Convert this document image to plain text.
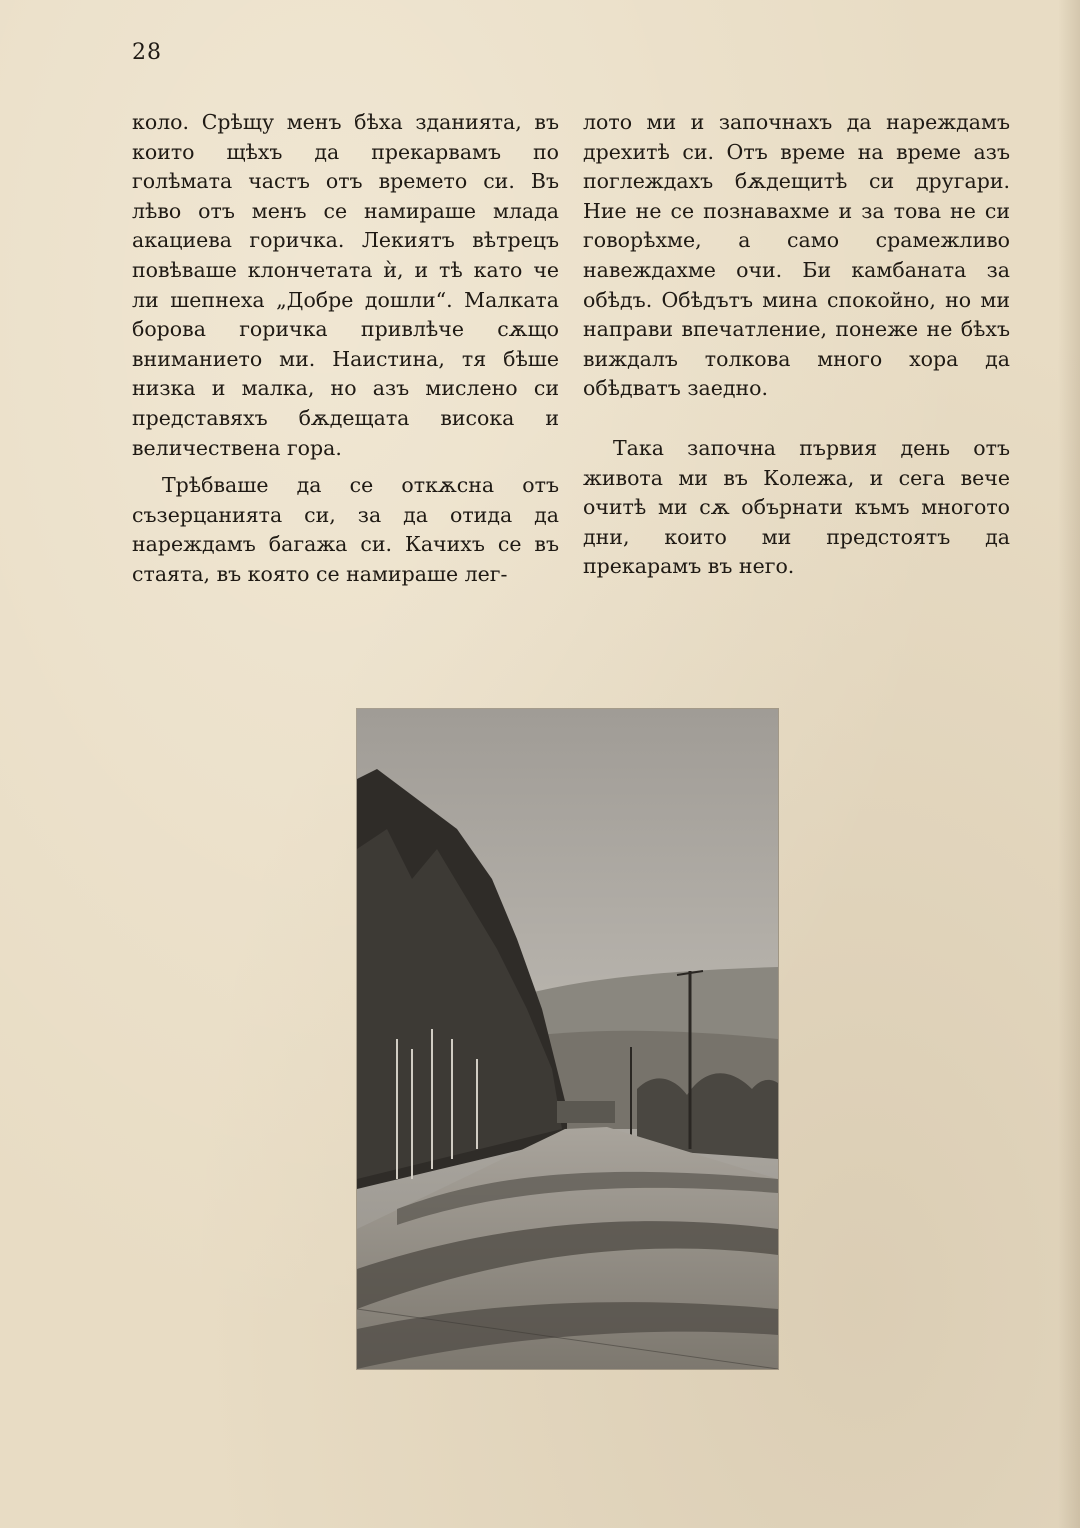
28

коло. Срѣщу менъ бѣха зданията, въ които щѣхъ да прекарвамъ по голѣмата частъ отъ времето си. Въ лѣво отъ менъ се намираше млада акациева горичка. Лекиятъ вѣтрецъ повѣваше клончетата ѝ, и тѣ като че ли шепнеха „Добре дошли“. Малката борова горичка привлѣче сѫщо вниманието ми. Наистина, тя бѣше низка и малка, но азъ мислено си представяхъ бѫдещата висока и величествена гора.

Трѣбваше да се откѫсна отъ съзерцанията си, за да отида да нареждамъ багажа си. Качихъ се въ стаята, въ която се намираше лег-

лото ми и започнахъ да нареждамъ дрехитѣ си. Отъ време на време азъ поглеждахъ бѫдещитѣ си другари. Ние не се познавахме и за това не си говорѣхме, а само срамежливо навеждахме очи. Би камбаната за обѣдъ. Обѣдътъ мина спокойно, но ми направи впечатление, понеже не бѣхъ виждалъ толкова много хора да обѣдватъ заедно.

Така започна първия день отъ живота ми въ Колежа, и сега вече очитѣ ми сѫ обърнати къмъ многото дни, които ми предстоятъ да прекарамъ въ него.
